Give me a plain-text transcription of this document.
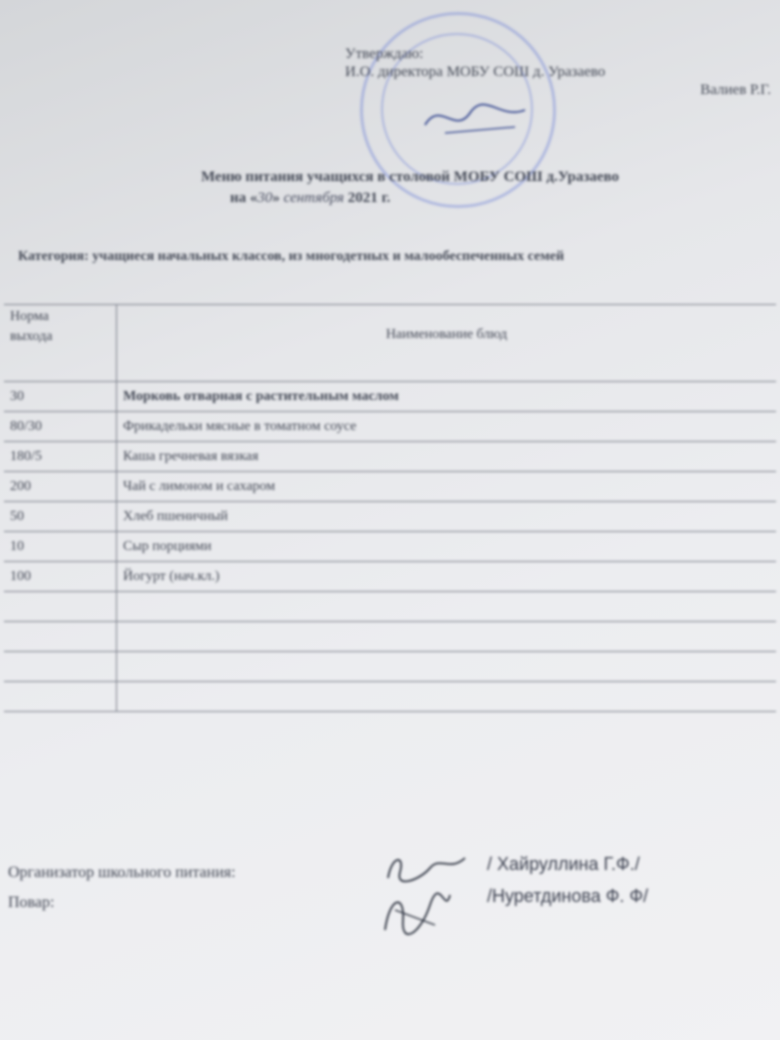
Утверждаю:
И.О. директора МОБУ СОШ д. Уразаево
Валиев Р.Г.
Меню питания учащихся в столовой МОБУ СОШ д.Уразаево
на «30» сентября 2021 г.
Категория: учащиеся начальных классов, из многодетных и малообеспеченных семей
Норма
выхода	Наименование блюд
30	Морковь отварная с растительным маслом
80/30	Фрикадельки мясные в томатном соусе
180/5	Каша гречневая вязкая
200	Чай с лимоном и сахаром
50	Хлеб пшеничный
10	Сыр порциями
100	Йогурт (нач.кл.)

Организатор школьного питания:
Повар:
/ Хайруллина Г.Ф./
/Нуретдинова Ф. Ф/
